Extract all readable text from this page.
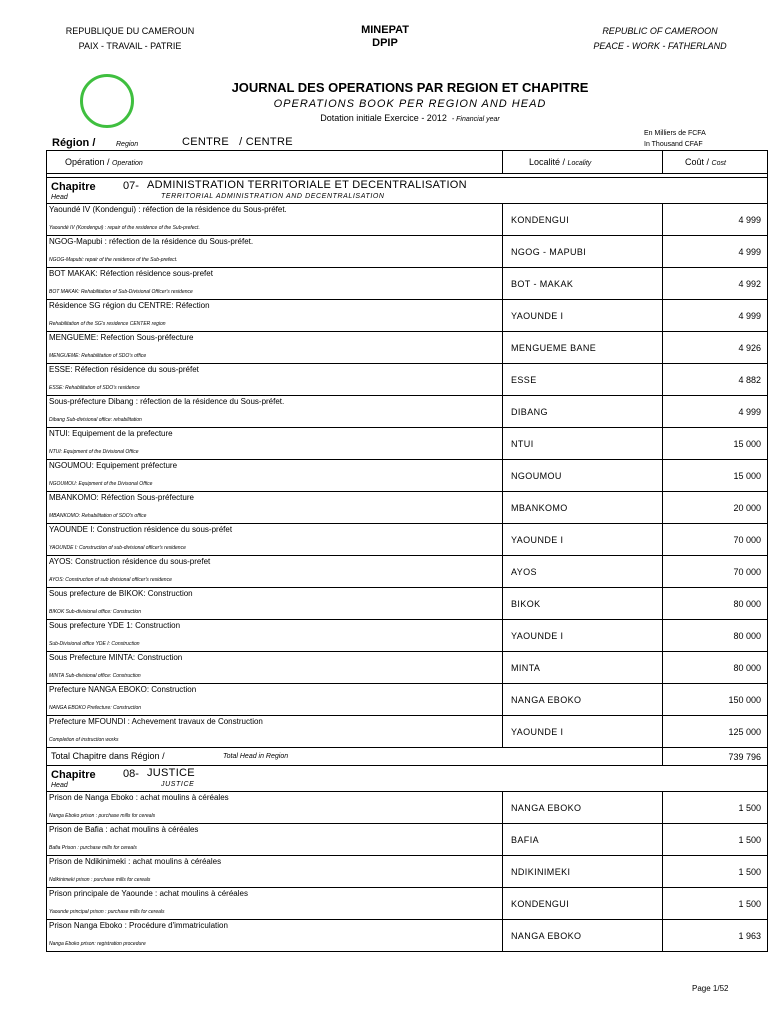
REPUBLIQUE DU CAMEROUN
PAIX - TRAVAIL - PATRIE
MINEPAT
DPIP
REPUBLIC OF CAMEROON
PEACE - WORK - FATHERLAND
JOURNAL DES OPERATIONS PAR REGION ET CHAPITRE
OPERATIONS BOOK PER REGION AND HEAD
Dotation initiale Exercice - 2012 - Financial year
Région /	Region	CENTRE   / CENTRE
En Milliers de FCFA
In Thousand CFAF
Opération / Operation	Localité / Locality	Coût / Cost

Chapitre
Head
07- ADMINISTRATION TERRITORIALE ET DECENTRALISATION
TERRITORIAL ADMINISTRATION AND DECENTRALISATION		

Yaoundé IV (Kondengui) : réfection de la résidence du Sous-préfet.
Yaoundé IV (Kondengui) : repair of the residence of the Sub-prefect.	KONDENGUI	4 999

NGOG-Mapubi : réfection de la résidence du Sous-préfet.
NGOG-Mapubi: repair of the residence of the Sub-prefect.	NGOG - MAPUBI	4 999

BOT MAKAK: Réfection résidence sous-prefet
BOT MAKAK: Rehabilitation of Sub-Divisional Officer's residence	BOT - MAKAK	4 992

Résidence SG région du CENTRE: Réfection
Rehabilitation of the SG's residence CENTER region	YAOUNDE I	4 999

MENGUEME: Refection Sous-préfecture
MENGUEME: Rehabilitation of SDO's office	MENGUEME BANE	4 926

ESSE: Réfection résidence du sous-préfet
ESSE: Rehabilitation of SDO's residence	ESSE	4 882

Sous-préfecture Dibang : réfection de la résidence du Sous-préfet.
Dibang Sub-divisional office: rehabilitation	DIBANG	4 999

NTUI: Equipement de la prefecture
NTUI: Equipment of the Divisional Office	NTUI	15 000

NGOUMOU: Equipement préfecture
NGOUMOU: Equipment of the Divisonal Office	NGOUMOU	15 000

MBANKOMO: Réfection Sous-préfecture
MBANKOMO: Rehabilitation of SDO's office	MBANKOMO	20 000

YAOUNDE I: Construction résidence du sous-préfet
YAOUNDE I: Construction of sub-divisional officer's residence	YAOUNDE I	70 000

AYOS: Construction résidence du sous-prefet
AYOS: Construction of sub divisional officer's residence	AYOS	70 000

Sous prefecture de BIKOK: Construction
BIKOK Sub-divisional office: Construction	BIKOK	80 000

Sous prefecture YDE 1: Construction
Sub-Divisional office YDE I: Construction	YAOUNDE I	80 000

Sous Prefecture MINTA: Construction
MINTA Sub-divisional office: Construction	MINTA	80 000

Prefecture NANGA EBOKO: Construction
NANGA EBOKO Prefecture: Construction	NANGA EBOKO	150 000

Prefecture MFOUNDI : Achevement travaux de Construction
Completion of instruction works	YAOUNDE I	125 000

Total Chapitre dans Région / Total Head in Region		739 796

Chapitre
Head
08- JUSTICE
JUSTICE		

Prison de Nanga Eboko : achat moulins à céréales
Nanga Eboko prison : purchase mills for cereals	NANGA EBOKO	1 500

Prison de Bafia : achat moulins à céréales
Bafia Prison : purchase mills for cereals	BAFIA	1 500

Prison de Ndikinimeki : achat moulins à céréales
Ndikinimeki prison : purchase mills for cereals	NDIKINIMEKI	1 500

Prison principale de Yaounde : achat moulins à céréales
Yaounde principal prison : purchase mills for cereals	KONDENGUI	1 500

Prison Nanga Eboko : Procédure d'immatriculation
Nanga Eboko prison: registration procedure	NANGA EBOKO	1 963
Page 1/52
